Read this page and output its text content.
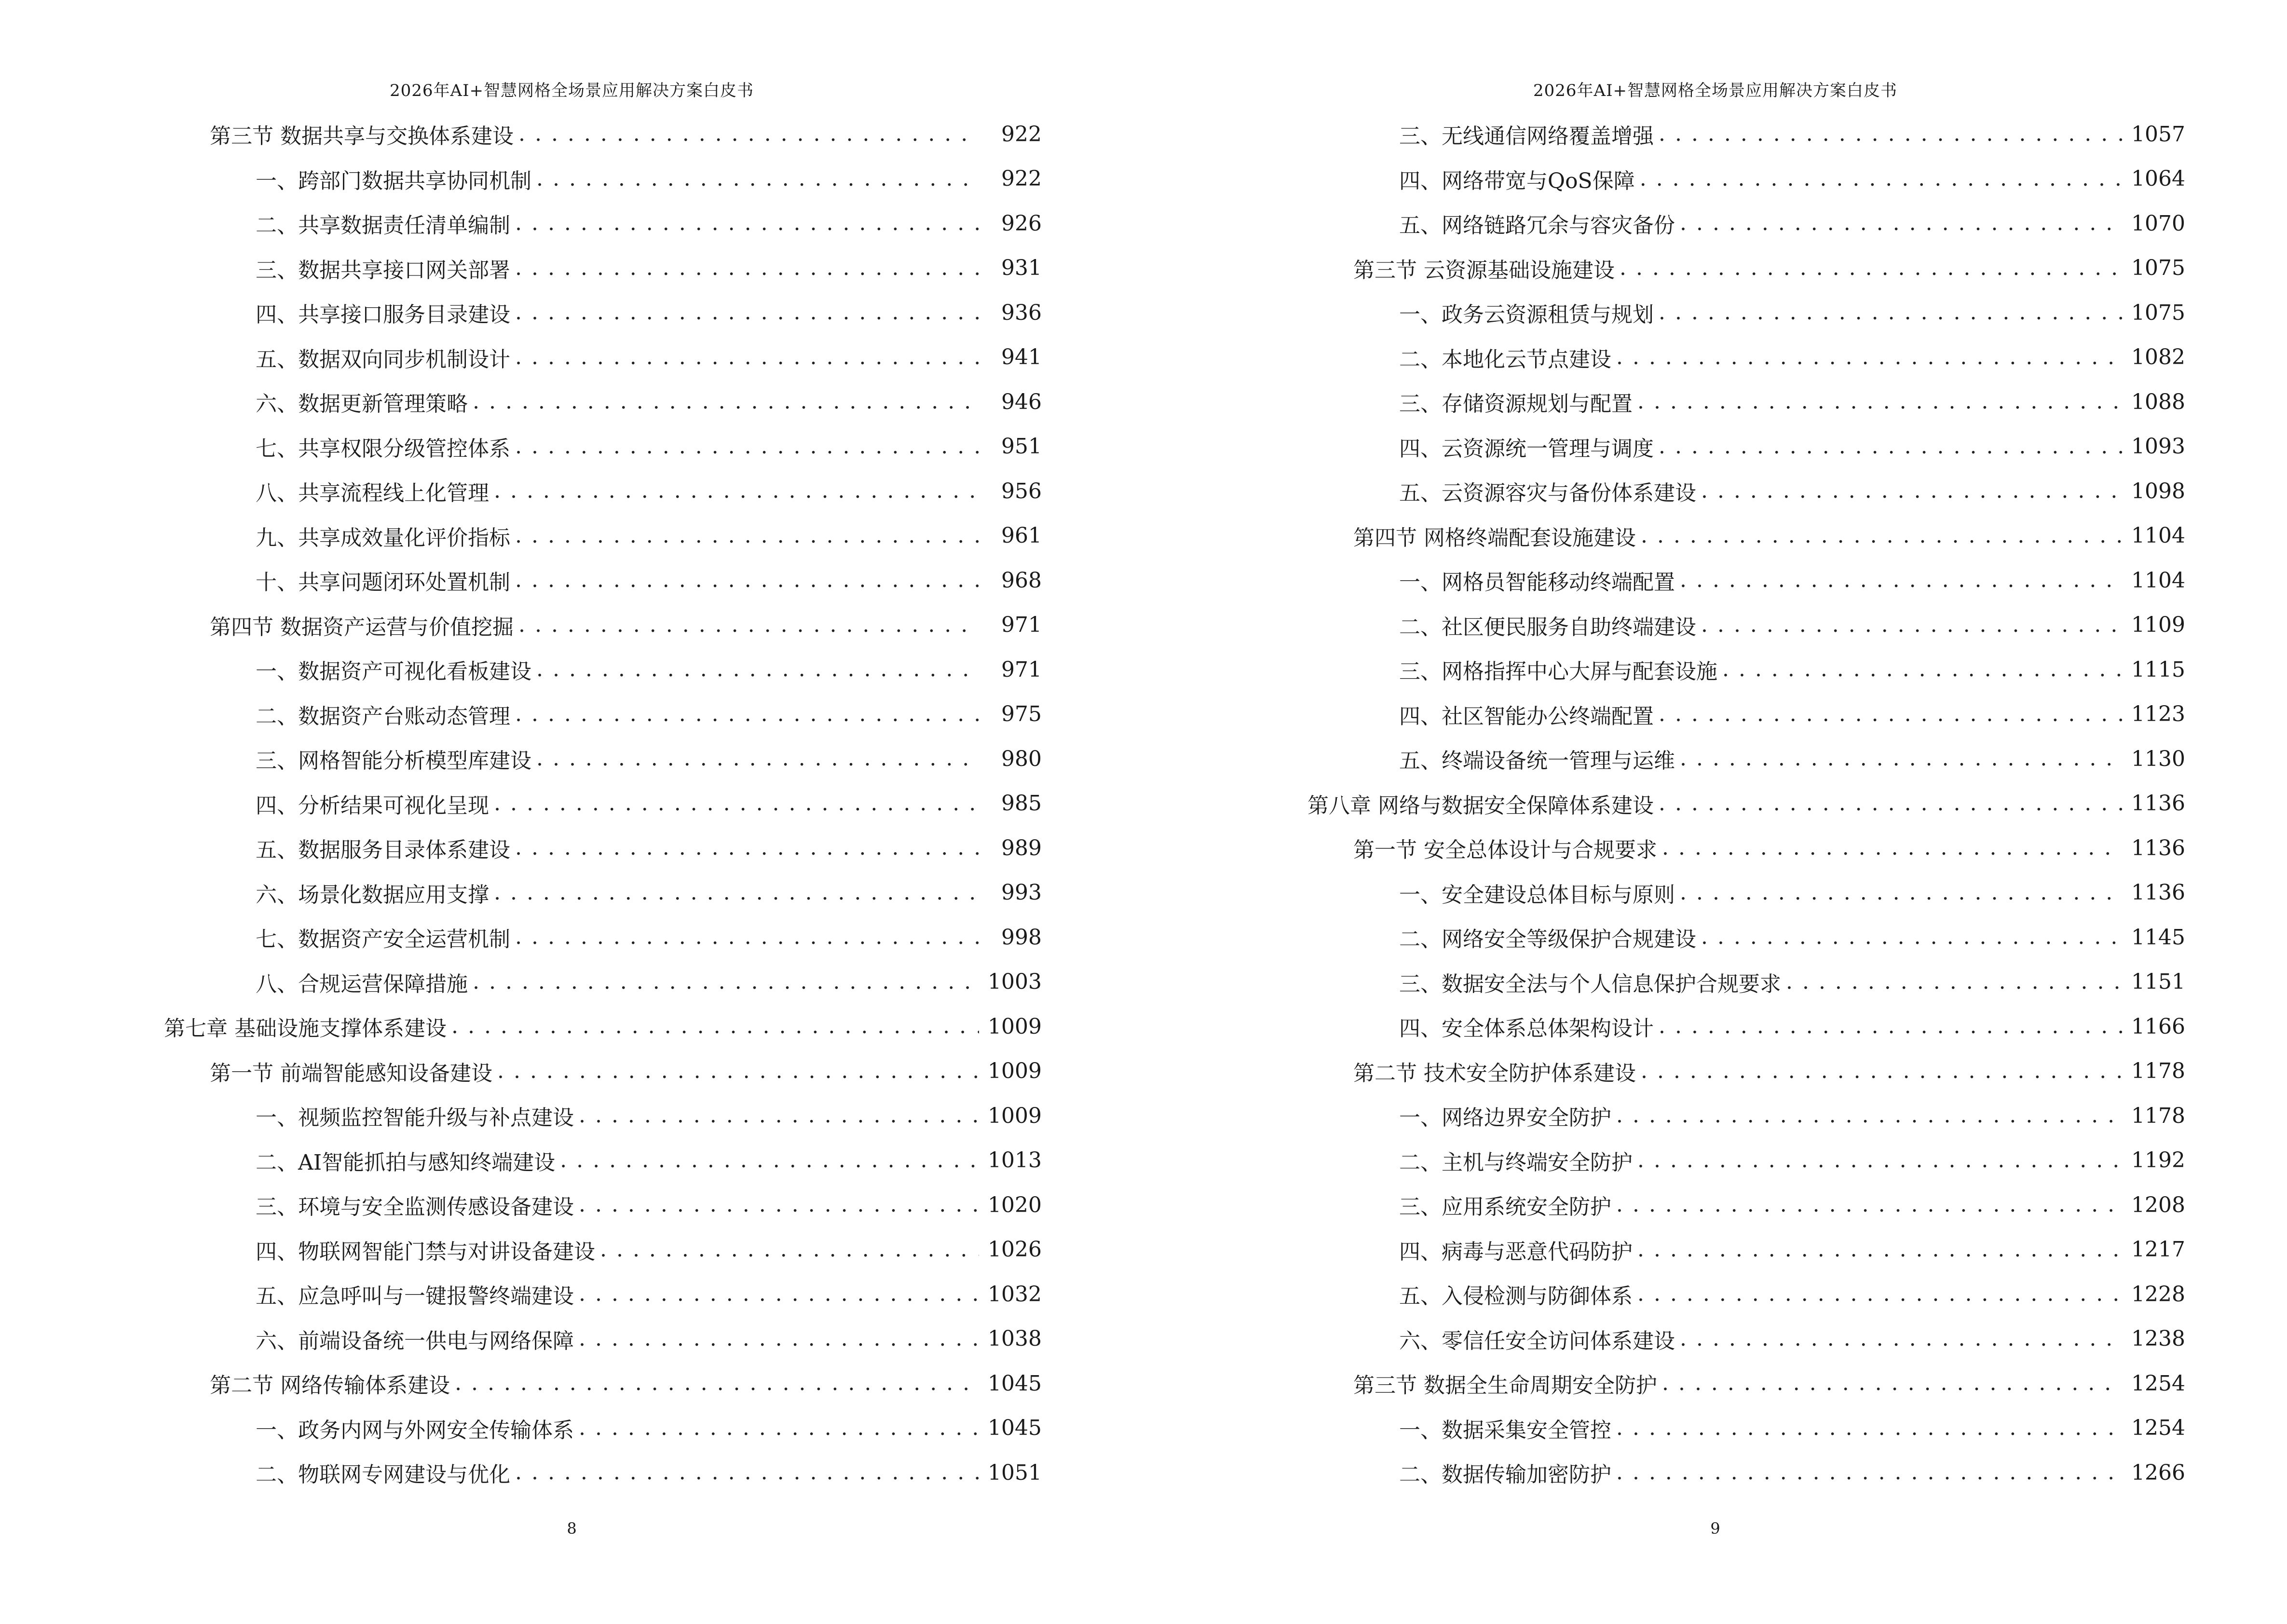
2026年AI+智慧网格全场景应用解决方案白皮书
第三节 数据共享与交换体系建设 . . .	922
一、跨部门数据共享协同机制 . . .	922
二、共享数据责任清单编制 . . .	926
三、数据共享接口网关部署 . . .	931
四、共享接口服务目录建设 . . .	936
五、数据双向同步机制设计 . . .	941
六、数据更新管理策略 . . .	946
七、共享权限分级管控体系 . . .	951
八、共享流程线上化管理 . . .	956
九、共享成效量化评价指标 . . .	961
十、共享问题闭环处置机制 . . .	968
第四节 数据资产运营与价值挖掘 . . .	971
一、数据资产可视化看板建设 . . .	971
二、数据资产台账动态管理 . . .	975
三、网格智能分析模型库建设 . . .	980
四、分析结果可视化呈现 . . .	985
五、数据服务目录体系建设 . . .	989
六、场景化数据应用支撑 . . .	993
七、数据资产安全运营机制 . . .	998
八、合规运营保障措施 . . .	1003
第七章 基础设施支撑体系建设 . . .	1009
第一节 前端智能感知设备建设 . . .	1009
一、视频监控智能升级与补点建设 . . .	1009
二、AI智能抓拍与感知终端建设 . . .	1013
三、环境与安全监测传感设备建设 . . .	1020
四、物联网智能门禁与对讲设备建设 . . .	1026
五、应急呼叫与一键报警终端建设 . . .	1032
六、前端设备统一供电与网络保障 . . .	1038
第二节 网络传输体系建设 . . .	1045
一、政务内网与外网安全传输体系 . . .	1045
二、物联网专网建设与优化 . . .	1051
8
2026年AI+智慧网格全场景应用解决方案白皮书
三、无线通信网络覆盖增强 . . .	1057
四、网络带宽与QoS保障 . . .	1064
五、网络链路冗余与容灾备份 . . .	1070
第三节 云资源基础设施建设 . . .	1075
一、政务云资源租赁与规划 . . .	1075
二、本地化云节点建设 . . .	1082
三、存储资源规划与配置 . . .	1088
四、云资源统一管理与调度 . . .	1093
五、云资源容灾与备份体系建设 . . .	1098
第四节 网格终端配套设施建设 . . .	1104
一、网格员智能移动终端配置 . . .	1104
二、社区便民服务自助终端建设 . . .	1109
三、网格指挥中心大屏与配套设施 . . .	1115
四、社区智能办公终端配置 . . .	1123
五、终端设备统一管理与运维 . . .	1130
第八章 网络与数据安全保障体系建设 . . .	1136
第一节 安全总体设计与合规要求 . . .	1136
一、安全建设总体目标与原则 . . .	1136
二、网络安全等级保护合规建设 . . .	1145
三、数据安全法与个人信息保护合规要求 . . .	1151
四、安全体系总体架构设计 . . .	1166
第二节 技术安全防护体系建设 . . .	1178
一、网络边界安全防护 . . .	1178
二、主机与终端安全防护 . . .	1192
三、应用系统安全防护 . . .	1208
四、病毒与恶意代码防护 . . .	1217
五、入侵检测与防御体系 . . .	1228
六、零信任安全访问体系建设 . . .	1238
第三节 数据全生命周期安全防护 . . .	1254
一、数据采集安全管控 . . .	1254
二、数据传输加密防护 . . .	1266
9
